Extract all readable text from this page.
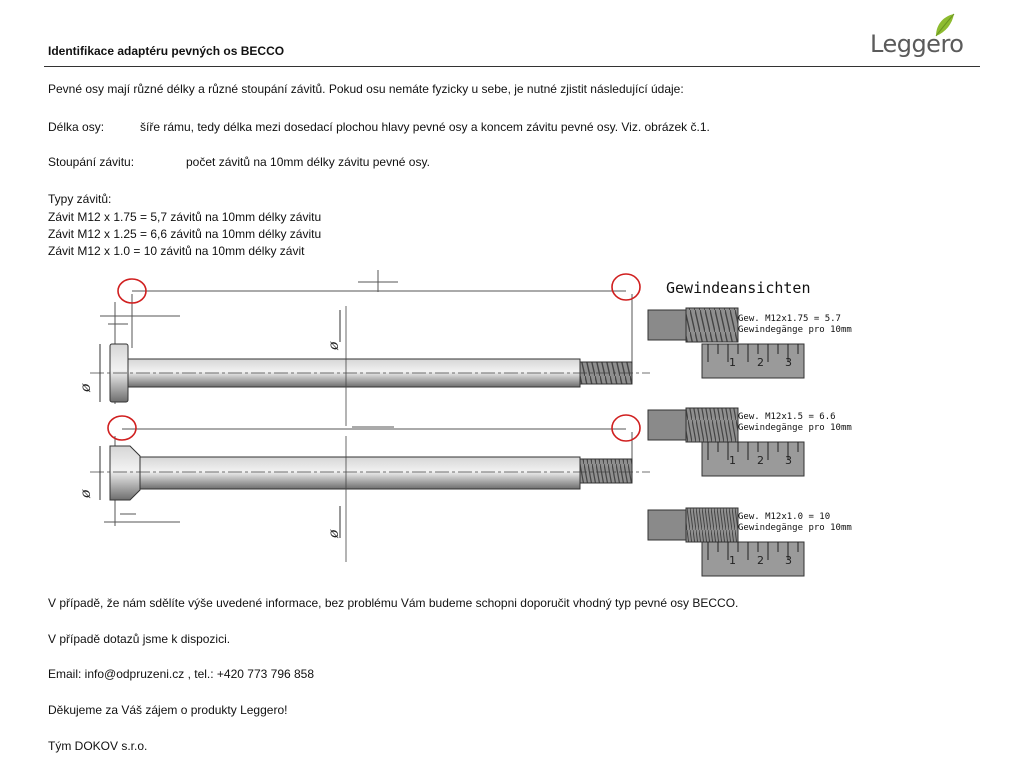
Identifikace adaptéru pevných os BECCO	Leggero
Pevné osy mají různé délky a různé stoupání závitů. Pokud osu nemáte fyzicky u sebe, je nutné zjistit následující údaje:
Délka osy:	šíře rámu, tedy délka mezi dosedací plochou hlavy pevné osy a koncem závitu pevné osy. Viz. obrázek č.1.
Stoupání závitu:	počet závitů na 10mm délky závitu pevné osy.
Typy závitů:
Závit M12 x 1.75 = 5,7 závitů na 10mm délky závitu
Závit M12 x 1.25 = 6,6 závitů na 10mm délky závitu
Závit M12 x 1.0 = 10 závitů na 10mm délky závit
ø
ø
ø
ø
Gewindeansichten
1 2 3
Gew. M12x1.75 = 5.7
Gewindegänge pro 10mm
1 2 3
Gew. M12x1.5 = 6.6
Gewindegänge pro 10mm
1 2 3
Gew. M12x1.0 = 10
Gewindegänge pro 10mm
V případě, že nám sdělíte výše uvedené informace, bez problému Vám budeme schopni doporučit vhodný typ pevné osy BECCO.
V případě dotazů jsme k dispozici.
Email: info@odpruzeni.cz , tel.: +420 773 796 858
Děkujeme za Váš zájem o produkty Leggero!
Tým DOKOV s.r.o.
